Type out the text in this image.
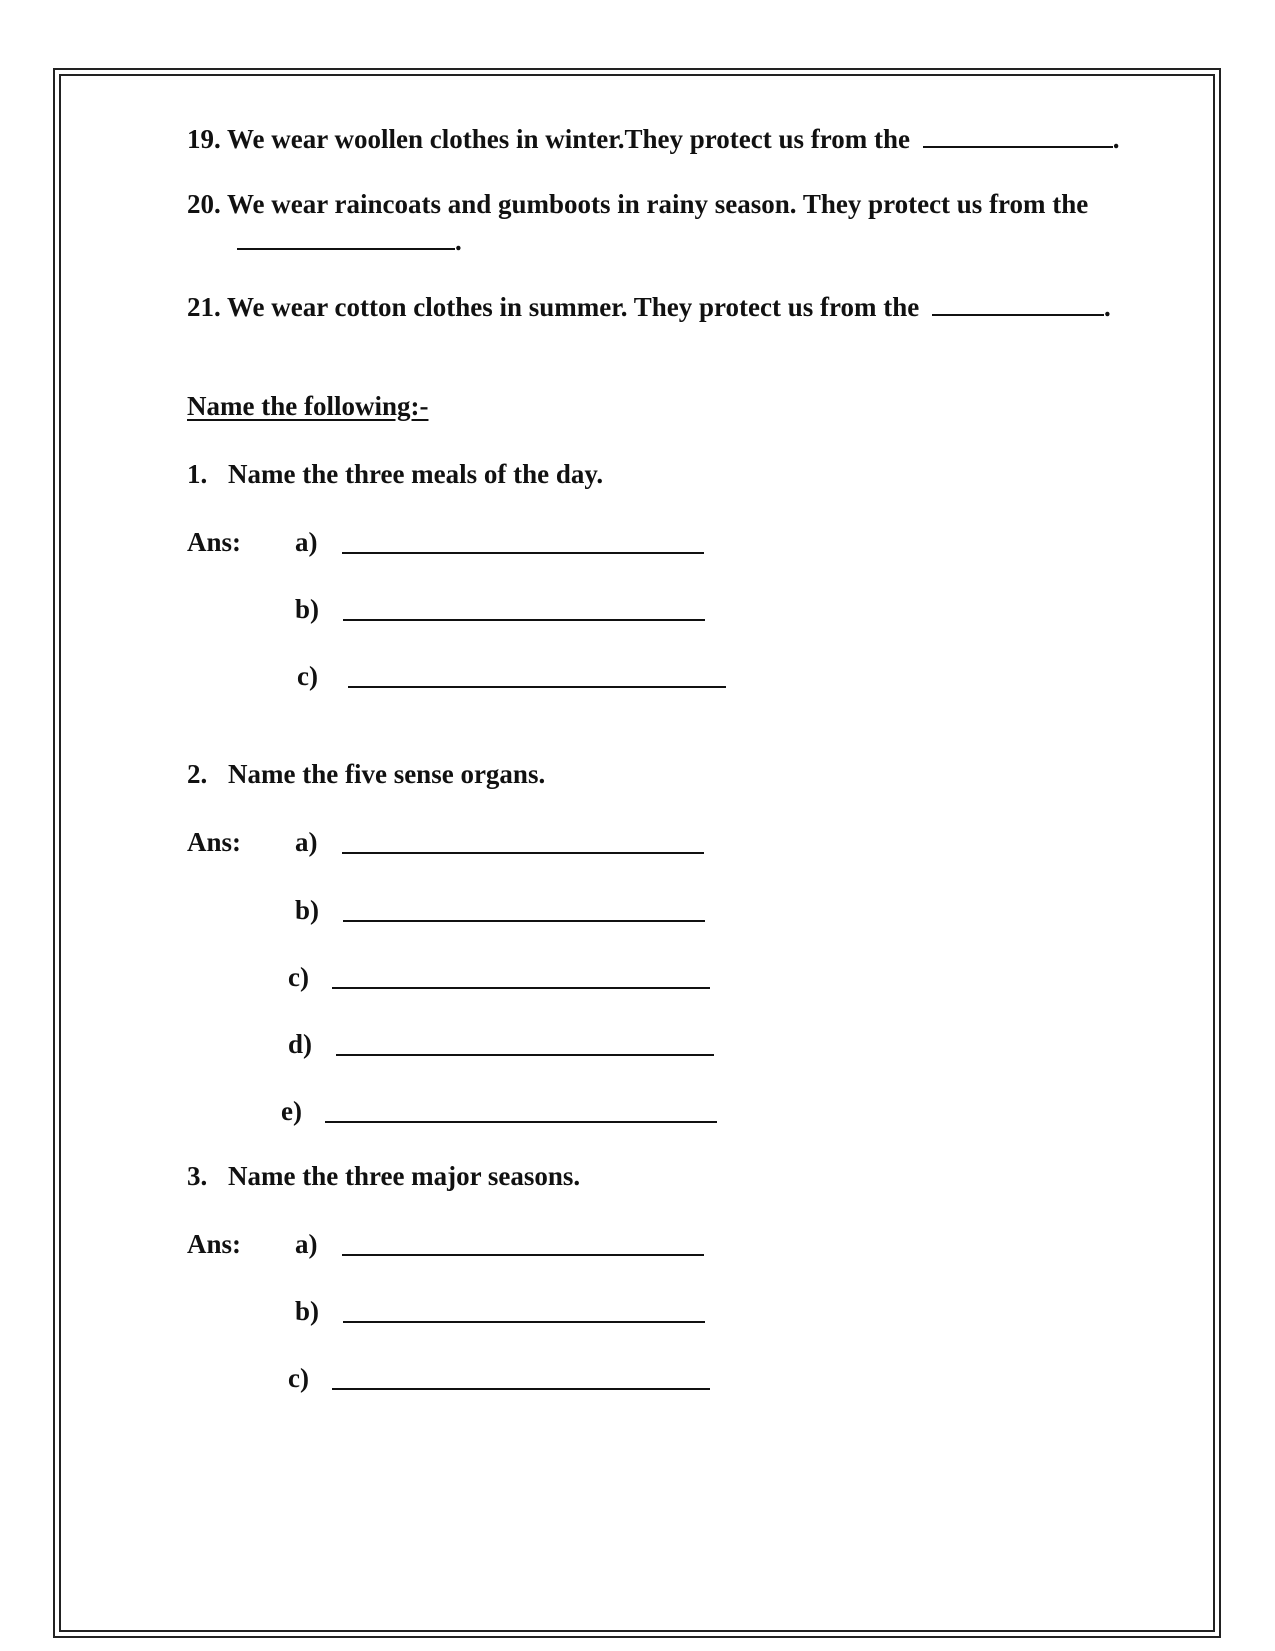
19. We wear woollen clothes in winter.They protect us from the	.
20. We wear raincoats and gumboots in rainy season. They protect us from the
.
21. We wear cotton clothes in summer. They protect us from the	.
Name the following:-
1. Name the three meals of the day.
Ans: a)
b)
c)
2. Name the five sense organs.
Ans: a)
b)
c)
d)
e)
3. Name the three major seasons.
Ans: a)
b)
c)
